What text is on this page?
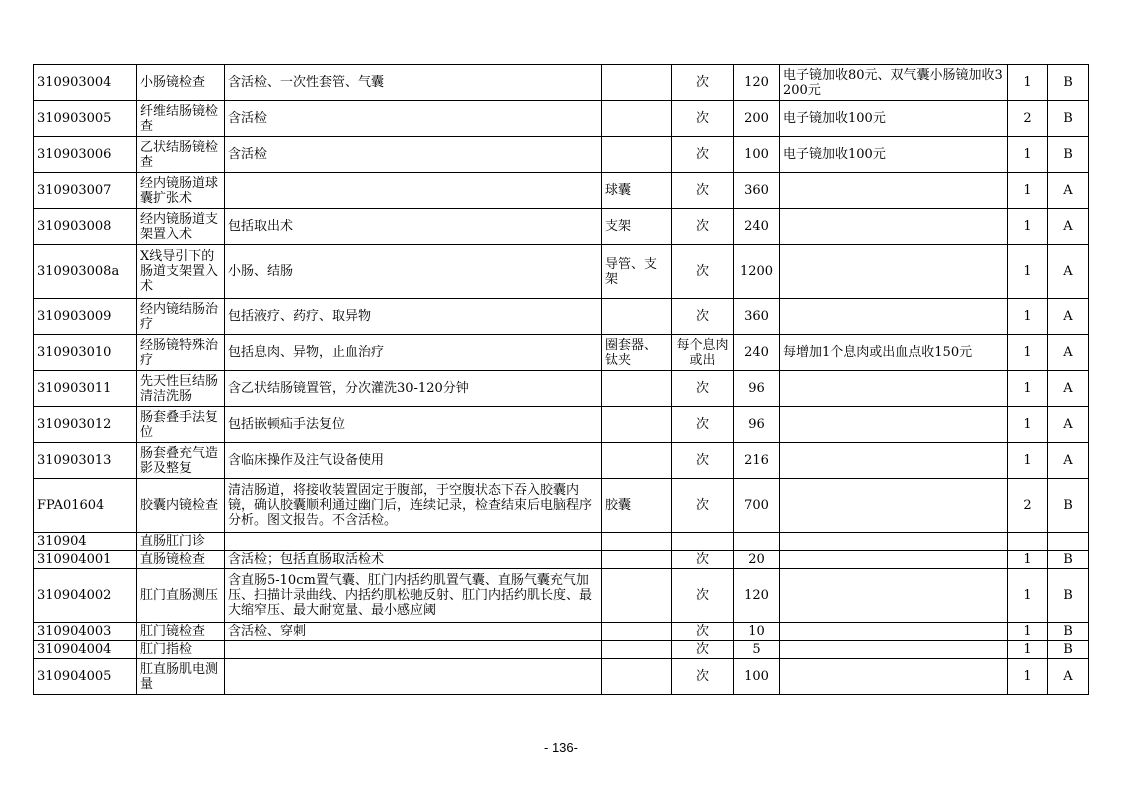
310903004	小肠镜检查	含活检、一次性套管、气囊		次	120	电子镜加收80元、双气囊小肠镜加收3200元	1	B
310903005	纤维结肠镜检查	含活检		次	200	电子镜加收100元	2	B
310903006	乙状结肠镜检查	含活检		次	100	电子镜加收100元	1	B
310903007	经内镜肠道球囊扩张术		球囊	次	360		1	A
310903008	经内镜肠道支架置入术	包括取出术	支架	次	240		1	A
310903008a	X线导引下的肠道支架置入术	小肠、结肠	导管、支架	次	1200		1	A
310903009	经内镜结肠治疗	包括液疗、药疗、取异物		次	360		1	A
310903010	经肠镜特殊治疗	包括息肉、异物，止血治疗	圈套器、钛夹	每个息肉或出	240	每增加1个息肉或出血点收150元	1	A
310903011	先天性巨结肠清洁洗肠	含乙状结肠镜置管，分次灌洗30-120分钟		次	96		1	A
310903012	肠套叠手法复位	包括嵌顿疝手法复位		次	96		1	A
310903013	肠套叠充气造影及整复	含临床操作及注气设备使用		次	216		1	A
FPA01604	胶囊内镜检查	清洁肠道，将接收装置固定于腹部，于空腹状态下吞入胶囊内镜，确认胶囊顺利通过幽门后，连续记录，检查结束后电脑程序分析。图文报告。不含活检。	胶囊	次	700		2	B
310904	直肠肛门诊							
310904001	直肠镜检查	含活检；包括直肠取活检术		次	20		1	B
310904002	肛门直肠测压	含直肠5-10cm置气囊、肛门内括约肌置气囊、直肠气囊充气加压、扫描计录曲线、内括约肌松驰反射、肛门内括约肌长度、最大缩窄压、最大耐宽量、最小感应阈		次	120		1	B
310904003	肛门镜检查	含活检、穿刺		次	10		1	B
310904004	肛门指检			次	5		1	B
310904005	肛直肠肌电测量			次	100		1	A
- 136-
